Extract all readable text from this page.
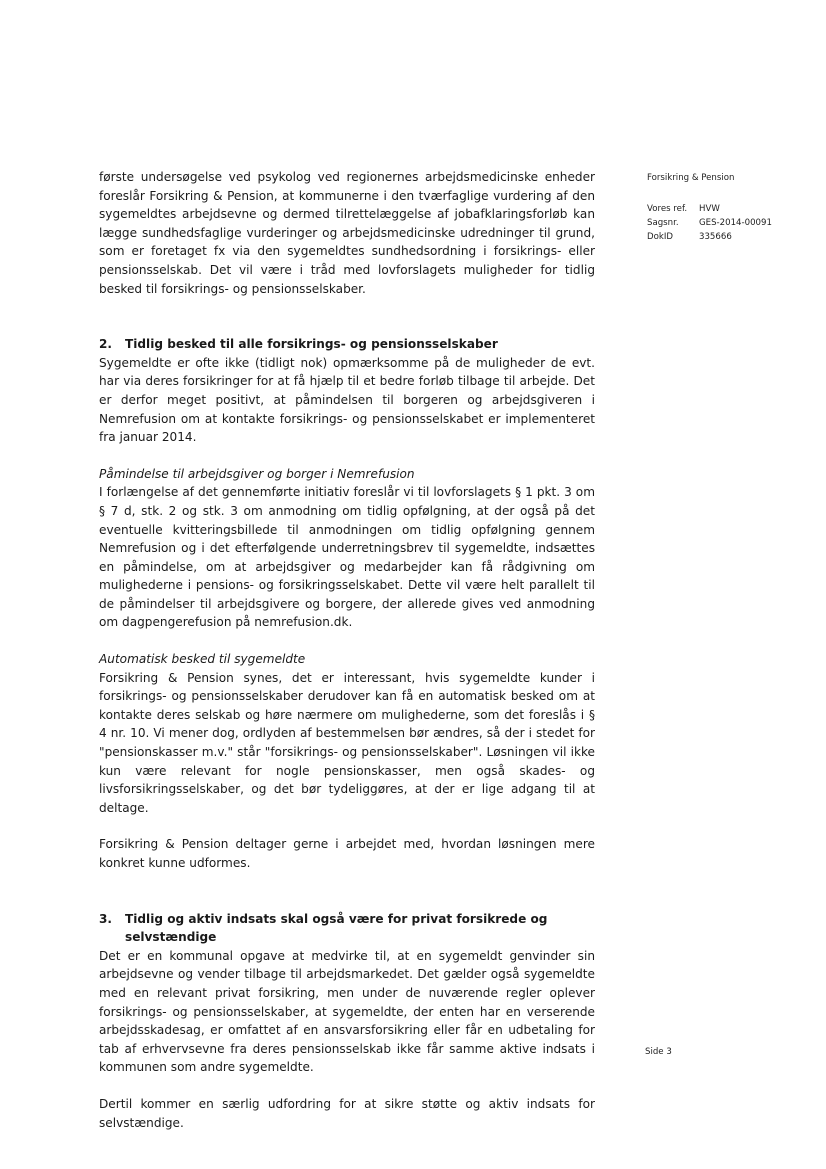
første undersøgelse ved psykolog ved regionernes arbejdsmedicinske enheder foreslår Forsikring & Pension, at kommunerne i den tværfaglige vurdering af den sygemeldtes arbejdsevne og dermed tilrettelæggelse af jobafklaringsforløb kan lægge sundhedsfaglige vurderinger og arbejdsmedicinske udredninger til grund, som er foretaget fx via den sygemeldtes sundhedsordning i forsikrings- eller pensionsselskab. Det vil være i tråd med lovforslagets muligheder for tidlig besked til forsikrings- og pensionsselskaber.

2.	Tidlig besked til alle forsikrings- og pensionsselskaber

Sygemeldte er ofte ikke (tidligt nok) opmærksomme på de muligheder de evt. har via deres forsikringer for at få hjælp til et bedre forløb tilbage til arbejde. Det er derfor meget positivt, at påmindelsen til borgeren og arbejdsgiveren i Nemrefusion om at kontakte forsikrings- og pensionsselskabet er implementeret fra januar 2014.

Påmindelse til arbejdsgiver og borger i Nemrefusion

I forlængelse af det gennemførte initiativ foreslår vi til lovforslagets § 1 pkt. 3 om § 7 d, stk. 2 og stk. 3 om anmodning om tidlig opfølgning, at der også på det eventuelle kvitteringsbillede til anmodningen om tidlig opfølgning gennem Nemrefusion og i det efterfølgende underretningsbrev til sygemeldte, indsættes en påmindelse, om at arbejdsgiver og medarbejder kan få rådgivning om mulighederne i pensions- og forsikringsselskabet. Dette vil være helt parallelt til de påmindelser til arbejdsgivere og borgere, der allerede gives ved anmodning om dagpengerefusion på nemrefusion.dk.

Automatisk besked til sygemeldte

Forsikring & Pension synes, det er interessant, hvis sygemeldte kunder i forsikrings- og pensionsselskaber derudover kan få en automatisk besked om at kontakte deres selskab og høre nærmere om mulighederne, som det foreslås i § 4 nr. 10. Vi mener dog, ordlyden af bestemmelsen bør ændres, så der i stedet for "pensionskasser m.v." står "forsikrings- og pensionsselskaber". Løsningen vil ikke kun være relevant for nogle pensionskasser, men også skades- og livsforsikringsselskaber, og det bør tydeliggøres, at der er lige adgang til at deltage.

Forsikring & Pension deltager gerne i arbejdet med, hvordan løsningen mere konkret kunne udformes.

3.	Tidlig og aktiv indsats skal også være for privat forsikrede og selvstændige

Det er en kommunal opgave at medvirke til, at en sygemeldt genvinder sin arbejdsevne og vender tilbage til arbejdsmarkedet. Det gælder også sygemeldte med en relevant privat forsikring, men under de nuværende regler oplever forsikrings- og pensionsselskaber, at sygemeldte, der enten har en verserende arbejdsskadesag, er omfattet af en ansvarsforsikring eller får en udbetaling for tab af erhvervsevne fra deres pensionsselskab ikke får samme aktive indsats i kommunen som andre sygemeldte.

Dertil kommer en særlig udfordring for at sikre støtte og aktiv indsats for selvstændige.

Forsikring & Pension
Vores ref.	HVW
Sagsnr.	GES-2014-00091
DokID	335666
Side 3
